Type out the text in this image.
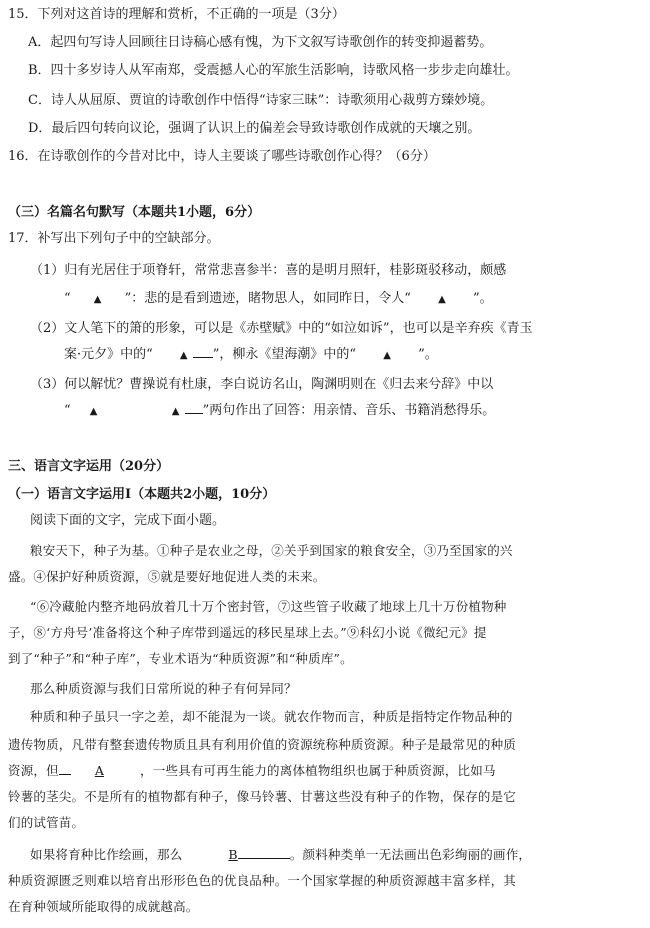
15．下列对这首诗的理解和赏析，不正确的一项是（3分）
A．起四句写诗人回顾往日诗稿心感有愧，为下文叙写诗歌创作的转变抑遏蓄势。
B．四十多岁诗人从军南郑，受震撼人心的军旅生活影响，诗歌风格一步步走向雄壮。
C．诗人从屈原、贾谊的诗歌创作中悟得“诗家三昧”：诗歌须用心裁剪方臻妙境。
D．最后四句转向议论，强调了认识上的偏差会导致诗歌创作成就的天壤之别。
16．在诗歌创作的今昔对比中，诗人主要谈了哪些诗歌创作心得？（6分）
（三）名篇名句默写（本题共1小题，6分）
17．补写出下列句子中的空缺部分。
（1）归有光居住于项脊轩，常常悲喜参半：喜的是明月照轩，桂影斑驳移动，颇感
“ ▲ ”：悲的是看到遗迹，睹物思人，如同昨日，令人“	▲ ”。
（2）文人笔下的箫的形象，可以是《赤壁赋》中的“如泣如诉”，也可以是辛弃疾《青玉
案·元夕》中的“	▲ ”，柳永《望海潮》中的“	▲ ”。
（3）何以解忧？曹操说有杜康，李白说访名山，陶渊明则在《归去来兮辞》中以
“ ▲	▲ ”两句作出了回答：用亲情、音乐、书籍消愁得乐。
三、语言文字运用（20分）
（一）语言文字运用Ⅰ（本题共2小题，10分）
阅读下面的文字，完成下面小题。
粮安天下，种子为基。①种子是农业之母，②关乎到国家的粮食安全，③乃至国家的兴
盛。④保护好种质资源，⑤就是要好地促进人类的未来。
“⑥冷藏舱内整齐地码放着几十万个密封管，⑦这些管子收藏了地球上几十万份植物种
子，⑧‘方舟号’准备将这个种子库带到遥远的移民星球上去。”⑨科幻小说《微纪元》提
到了“种子”和“种子库”，专业术语为“种质资源”和“种质库”。
那么种质资源与我们日常所说的种子有何异同？
种质和种子虽只一字之差，却不能混为一谈。就农作物而言，种质是指特定作物品种的
遗传物质，凡带有整套遗传物质且具有利用价值的资源统称种质资源。种子是最常见的种质
资源，但	A	，一些具有可再生能力的离体植物组织也属于种质资源，比如马
铃薯的茎尖。不是所有的植物都有种子，像马铃薯、甘薯这些没有种子的作物，保存的是它
们的试管苗。
如果将育种比作绘画，那么	B	。颜料种类单一无法画出色彩绚丽的画作，
种质资源匮乏则难以培育出形形色色的优良品种。一个国家掌握的种质资源越丰富多样，其
在育种领域所能取得的成就越高。
